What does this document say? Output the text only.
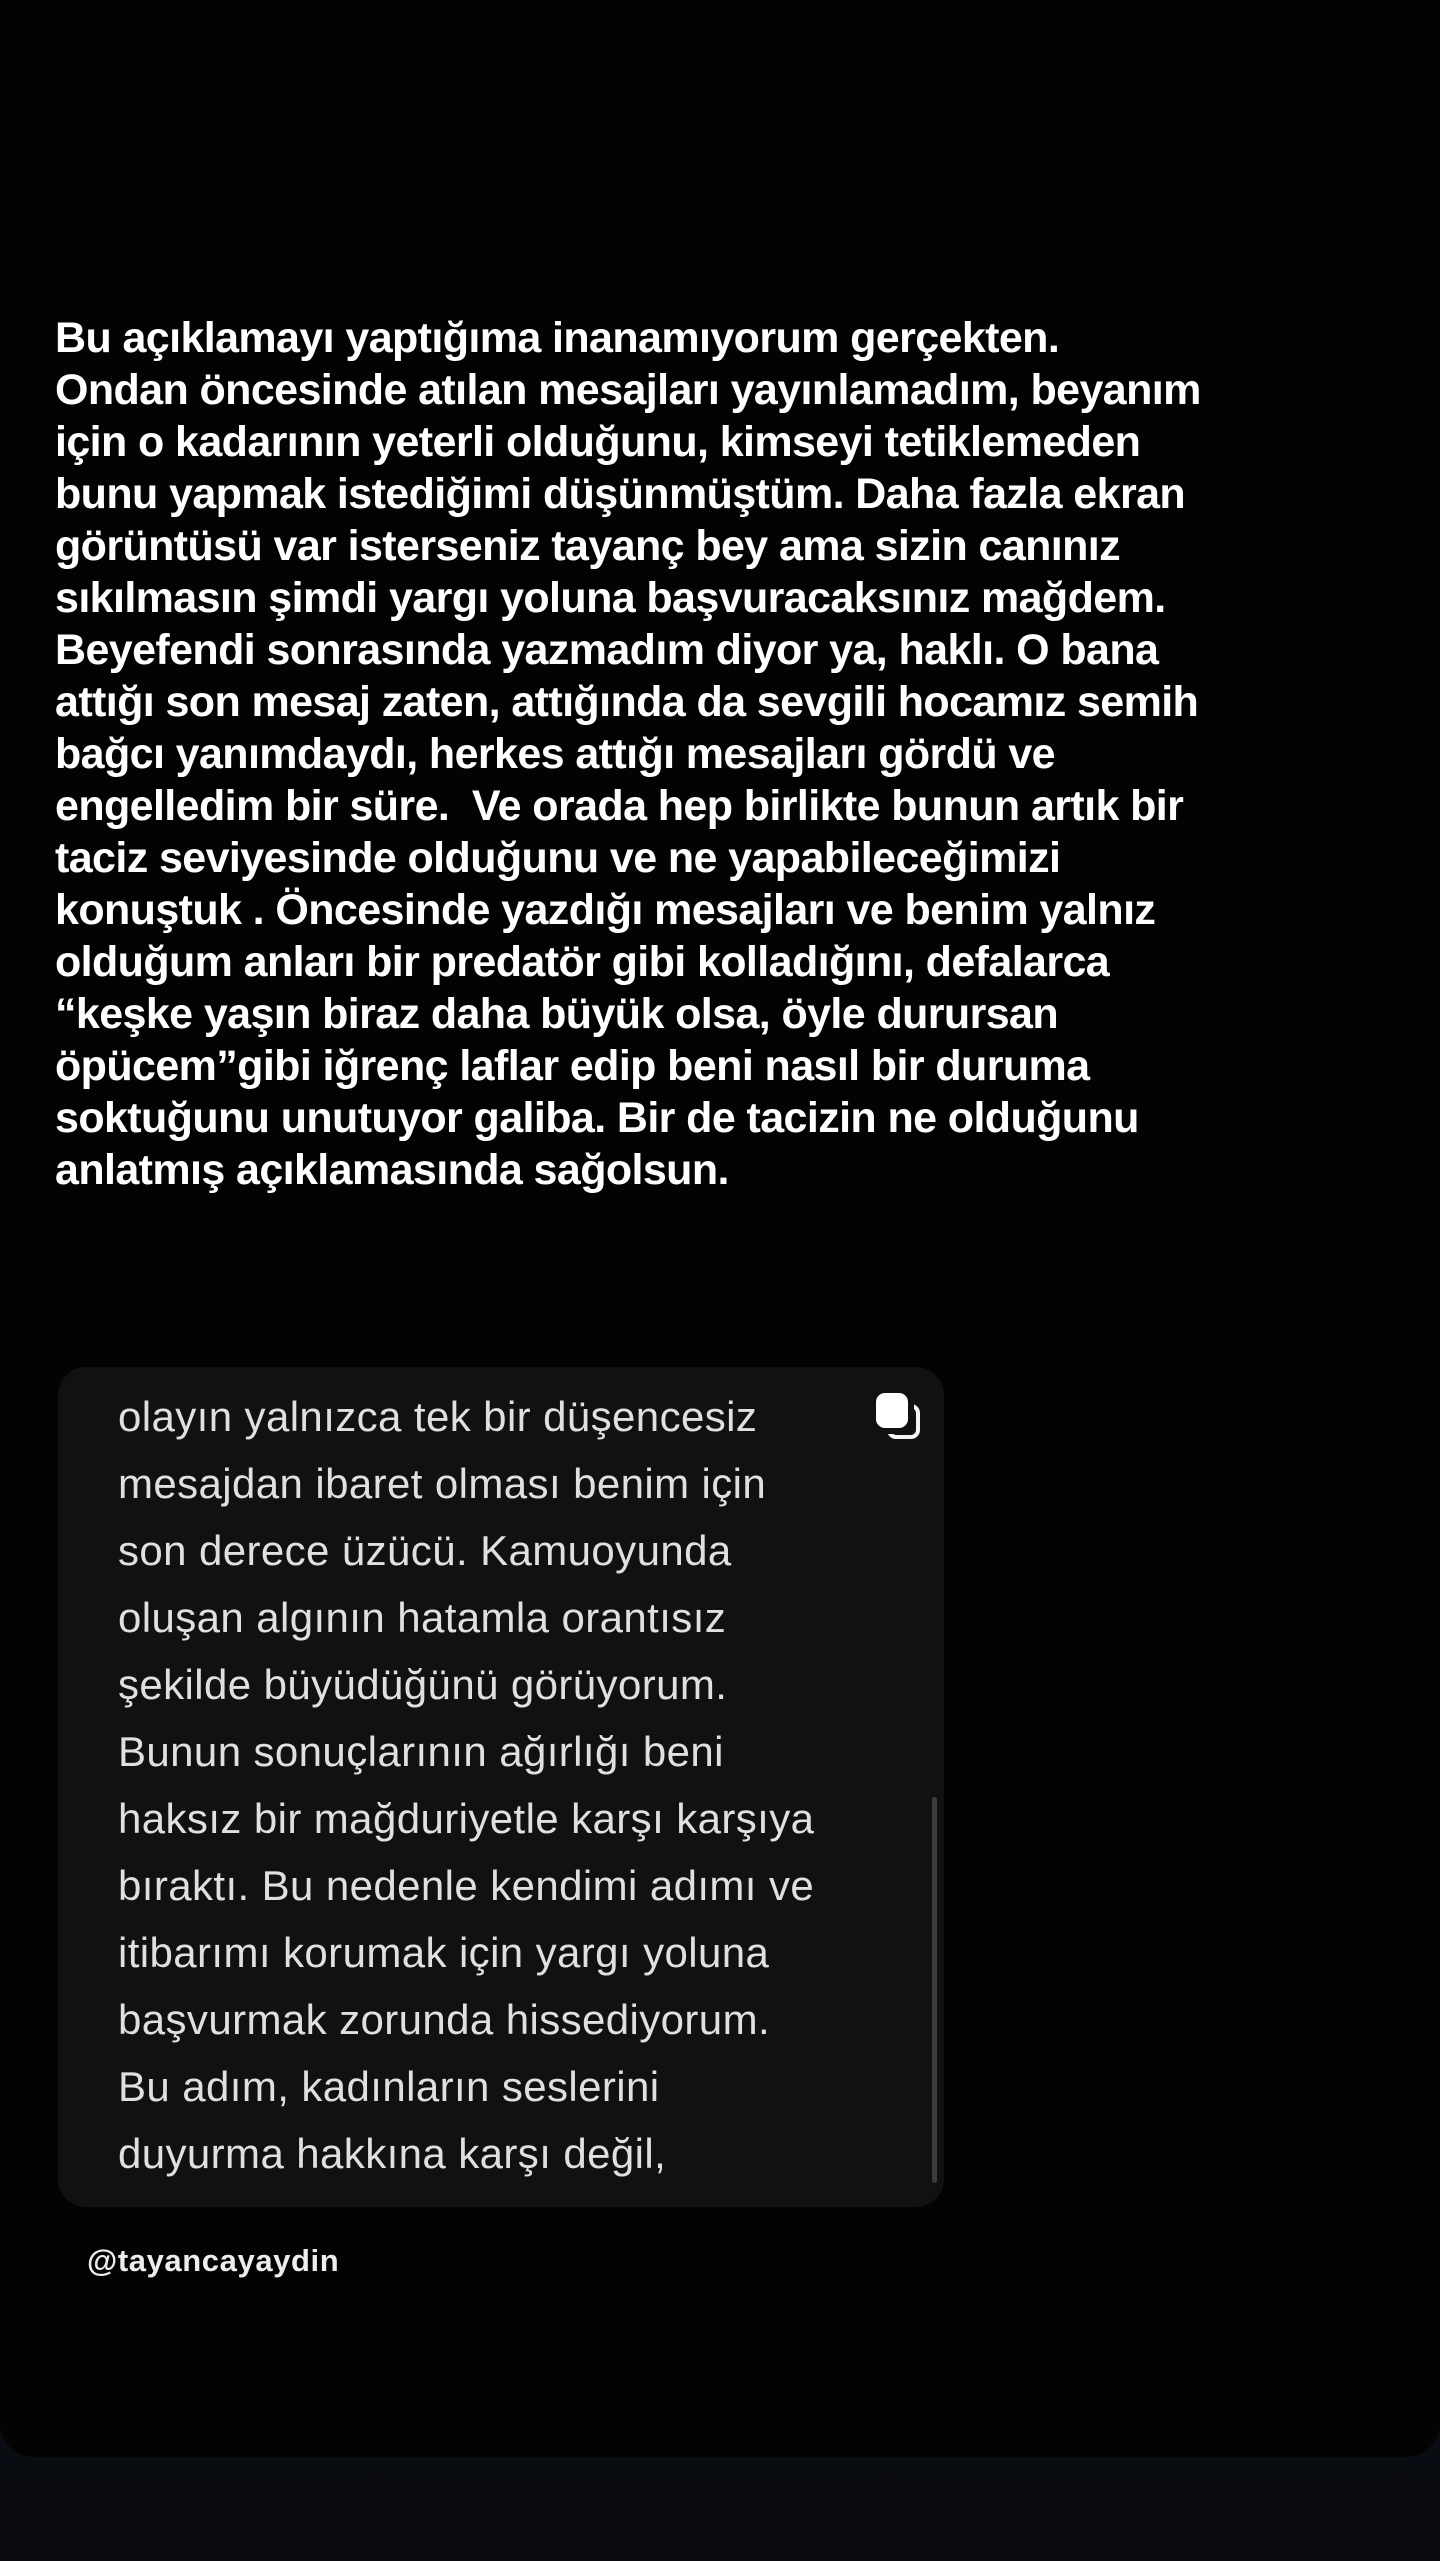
Bu açıklamayı yaptığıma inanamıyorum gerçekten.
Ondan öncesinde atılan mesajları yayınlamadım, beyanım
için o kadarının yeterli olduğunu, kimseyi tetiklemeden
bunu yapmak istediğimi düşünmüştüm. Daha fazla ekran
görüntüsü var isterseniz tayanç bey ama sizin canınız
sıkılmasın şimdi yargı yoluna başvuracaksınız mağdem.
Beyefendi sonrasında yazmadım diyor ya, haklı. O bana
attığı son mesaj zaten, attığında da sevgili hocamız semih
bağcı yanımdaydı, herkes attığı mesajları gördü ve
engelledim bir süre.  Ve orada hep birlikte bunun artık bir
taciz seviyesinde olduğunu ve ne yapabileceğimizi
konuştuk . Öncesinde yazdığı mesajları ve benim yalnız
olduğum anları bir predatör gibi kolladığını, defalarca
“keşke yaşın biraz daha büyük olsa, öyle durursan
öpücem”gibi iğrenç laflar edip beni nasıl bir duruma
soktuğunu unutuyor galiba. Bir de tacizin ne olduğunu
anlatmış açıklamasında sağolsun.
olayın yalnızca tek bir düşencesiz
mesajdan ibaret olması benim için
son derece üzücü. Kamuoyunda
oluşan algının hatamla orantısız
şekilde büyüdüğünü görüyorum.
Bunun sonuçlarının ağırlığı beni
haksız bir mağduriyetle karşı karşıya
bıraktı. Bu nedenle kendimi adımı ve
itibarımı korumak için yargı yoluna
başvurmak zorunda hissediyorum.
Bu adım, kadınların seslerini
duyurma hakkına karşı değil,
@tayancayaydin
